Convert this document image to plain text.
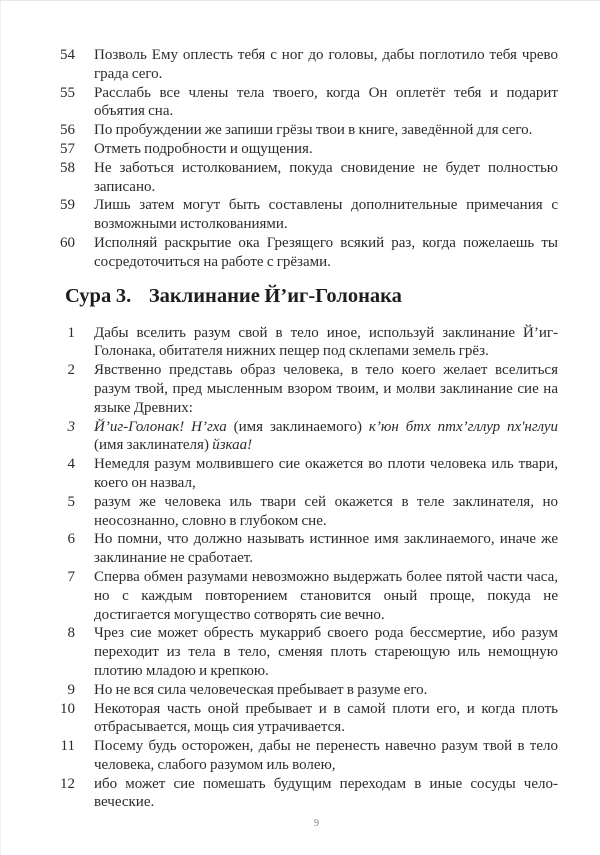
54 Позволь Ему оплесть тебя с ног до головы, дабы поглотило тебя чрево града сего.
55 Расслабь все члены тела твоего, когда Он оплетёт тебя и подарит объятия сна.
56 По пробуждении же запиши грёзы твои в книге, заведённой для сего.
57 Отметь подробности и ощущения.
58 Не заботься истолкованием, покуда сновидение не будет полностью записано.
59 Лишь затем могут быть составлены дополнительные примечания с возможными истолкованиями.
60 Исполняй раскрытие ока Грезящего всякий раз, когда пожелаешь ты сосредоточиться на работе с грёзами.
Сура 3. Заклинание Й’иг-Голонака
1 Дабы вселить разум свой в тело иное, используй заклинание Й’иг-Голонака, обитателя нижних пещер под склепами земель грёз.
2 Явственно представь образ человека, в тело коего желает вселиться разум твой, пред мысленным взором твоим, и молви заклинание сие на языке Древних:
3 Й’иг-Голонак! Н’гха (имя заклинаемого) к’юн бтх птх’гллур пх'нглуи (имя заклинателя) йзкаа!
4 Немедля разум молвившего сие окажется во плоти человека иль твари, коего он назвал,
5 разум же человека иль твари сей окажется в теле заклинателя, но неосознанно, словно в глубоком сне.
6 Но помни, что должно называть истинное имя заклинаемого, иначе же заклинание не сработает.
7 Сперва обмен разумами невозможно выдержать более пятой части часа, но с каждым повторением становится оный проще, покуда не достигается могущество сотворять сие вечно.
8 Чрез сие может обресть мукарриб своего рода бессмертие, ибо разум переходит из тела в тело, сменяя плоть стареющую иль немощную плотию младою и крепкою.
9 Но не вся сила человеческая пребывает в разуме его.
10 Некоторая часть оной пребывает и в самой плоти его, и когда плоть отбрасывается, мощь сия утрачивается.
11 Посему будь осторожен, дабы не перенесть навечно разум твой в тело человека, слабого разумом иль волею,
12 ибо может сие помешать будущим переходам в иные сосуды человеческие.
9
